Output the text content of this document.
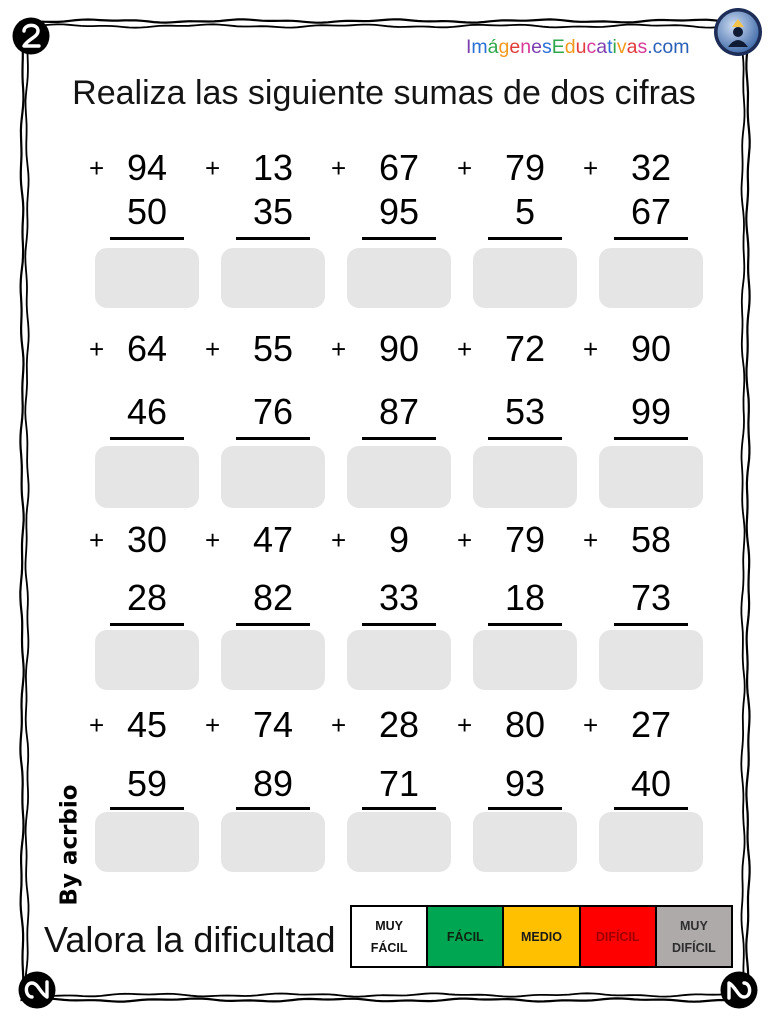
ImágenesEducativas.com
Realiza las siguiente sumas de dos cifras
+ 94
50
+ 13
35
+ 67
95
+ 79
5
+ 32
67
+ 64
46
+ 55
76
+ 90
87
+ 72
53
+ 90
99
+ 30
28
+ 47
82
+ 9
33
+ 79
18
+ 58
73
+ 45
59
+ 74
89
+ 28
71
+ 80
93
+ 27
40
By acrbio
Valora la dificultad	MUY FÁCIL
FÁCIL	MEDIO	DIFÍCIL
MUY DIFÍCIL
